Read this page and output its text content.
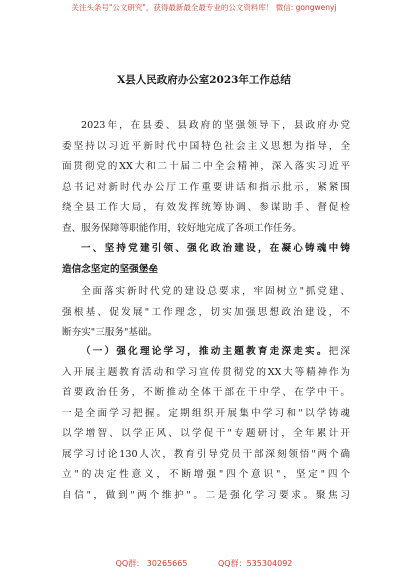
关注头条号"公文研究"，获得最新最全最专业的公文资料库！ 微信: gongwenyj
X县人民政府办公室2023年工作总结
2023年，在县委、县政府的坚强领导下，县政府办党
委坚持以习近平新时代中国特色社会主义思想为指导，全
面贯彻党的XX大和二十届二中全会精神，深入落实习近平
总书记对新时代办公厅工作重要讲话和指示批示，紧紧围
绕全县工作大局，有效发挥统筹协调、参谋助手、督促检
查、服务保障等职能作用，较好地完成了各项工作任务。
一、坚持党建引领、强化政治建设，在凝心铸魂中铸
造信念坚定的坚强堡垒
全面落实新时代党的建设总要求，牢固树立"抓党建、
强根基、促发展"工作理念，切实加强思想政治建设，不
断夯实"三服务"基础。
（一）强化理论学习，推动主题教育走深走实。把深
入开展主题教育活动和学习宣传贯彻党的XX大等精神作为
首要政治任务，不断推动全体干部在干中学、在学中干。
一是全面学习把握。定期组织开展集中学习和"以学铸魂
以学增智、以学正风、以学促干"专题研讨，全年累计开
展学习讨论130人次，教育引导党员干部深刻领悟"两个确
立"的决定性意义，不断增强"四个意识"，坚定"四个
自信"，做到"两个维护"。二是强化学习要求。聚焦习
QQ群： 30265665	QQ群：535304092
